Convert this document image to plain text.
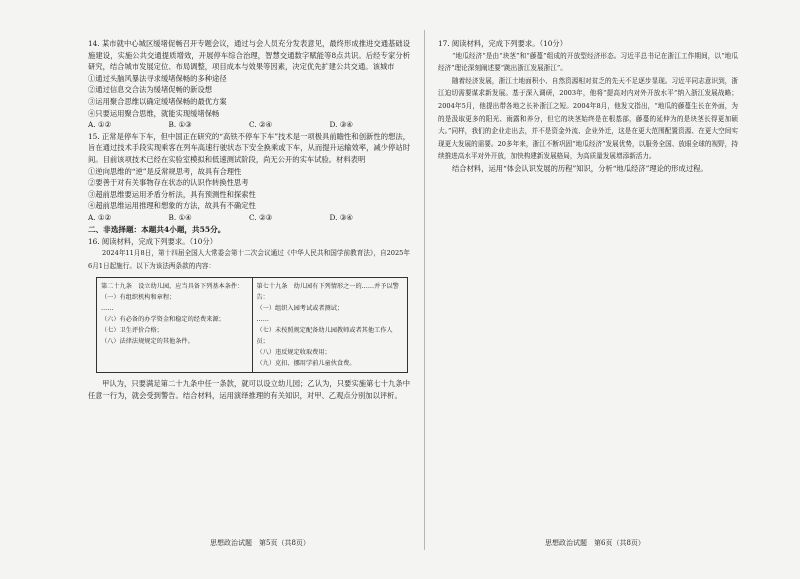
14. 某市就中心城区缓堵促畅召开专题会议，通过与会人员充分发表意见，最终形成推进交通基础设施建设，实施公共交通提质增效，开展停车综合治理，智慧交通数字赋能等8点共识。后经专家分析研究，结合城市发展定位、布局调整，项目成本与效果等因素，决定优先扩建公共交通。该城市

①通过头脑风暴法寻求缓堵保畅的多种途径
②通过信息交合法为缓堵促畅的新设想
③运用聚合思维以确定缓堵保畅的最优方案
④只要运用聚合思维，就能实现缓堵保畅
A. ①②	B. ①③	C. ②④	D. ③④

15. 正常是停车下车，但中国正在研究的“高铁不停车下车”技术是一项极具前瞻性和创新性的想法，旨在通过技术手段实现乘客在列车高速行驶状态下安全换乘或下车，从而提升运输效率，减少停站时间。目前该项技术已经在实验室模拟和低速测试阶段，尚无公开的实车试验。材料表明

①逆向思维的“逆”是反常规思考，故具有合理性
②要善于对有关事物存在状态的认识作转换性思考
③超前思维要运用矛盾分析法，具有预测性和探索性
④超前思维运用推理和想象的方法，故具有不确定性
A. ①②	B. ①④	C. ②③	D. ③④
二、非选择题：本题共4小题，共55分。

16. 阅读材料，完成下列要求。（10分）

2024年11月8日，第十四届全国人大常委会第十二次会议通过《中华人民共和国学前教育法》，自2025年6月1日起施行。以下为该法两条款的内容：

第二十九条　设立幼儿园，应当具备下列基本条件：
（一）有组织机构和章程；
……
（六）有必备的办学资金和稳定的经费来源；
（七）卫生评价合格；
（八）法律法规规定的其他条件。

第七十九条　幼儿园有下列情形之一的……并予以警告：
（一）组织入园考试或者测试；
……
（七）未按照规定配备幼儿园教师或者其他工作人员；
（八）违反规定收取费用；
（九）克扣、挪用学前儿童伙食费。

甲认为，只要满足第二十九条中任一条款，就可以设立幼儿园；乙认为，只要实施第七十九条中任意一行为，就会受到警告。结合材料，运用演绎推理的有关知识，对甲、乙观点分别加以评析。

17. 阅读材料，完成下列要求。（10分）

“地瓜经济”是由“块茎”和“藤蔓”组成的开放型经济形态。习近平总书记在浙江工作期间，以“地瓜经济”理论深刻阐述要“跳出浙江发展浙江”。

随着经济发展，浙江土地面积小、自然资源相对贫乏的先天不足逐步显现。习近平同志意识到，浙江迫切需要谋求新发展。基于深入调研，2003年，他将“提高对内对外开放水平”纳入浙江发展战略；2004年5月，他提出带各地之长补浙江之短。2004年8月，他发文指出，“地瓜的藤蔓生长在外面，为的是汲取更多的阳光、雨露和养分，但它的块茎始终是在根基部，藤蔓的延伸为的是块茎长得更加硕大。”同样，我们的企业走出去，并不是资金外流、企业外迁，这是在更大范围配置资源、在更大空间实现更大发展的需要。20多年来，浙江不断巩固“地瓜经济”发展优势，以服务全国、放眼全球的视野，持续推进高水平对外开放，加快构建新发展格局，为高质量发展增添新活力。

结合材料，运用“体会认识发展的历程”知识，分析“地瓜经济”理论的形成过程。

思想政治试题　第5页（共8页）	思想政治试题　第6页（共8页）
